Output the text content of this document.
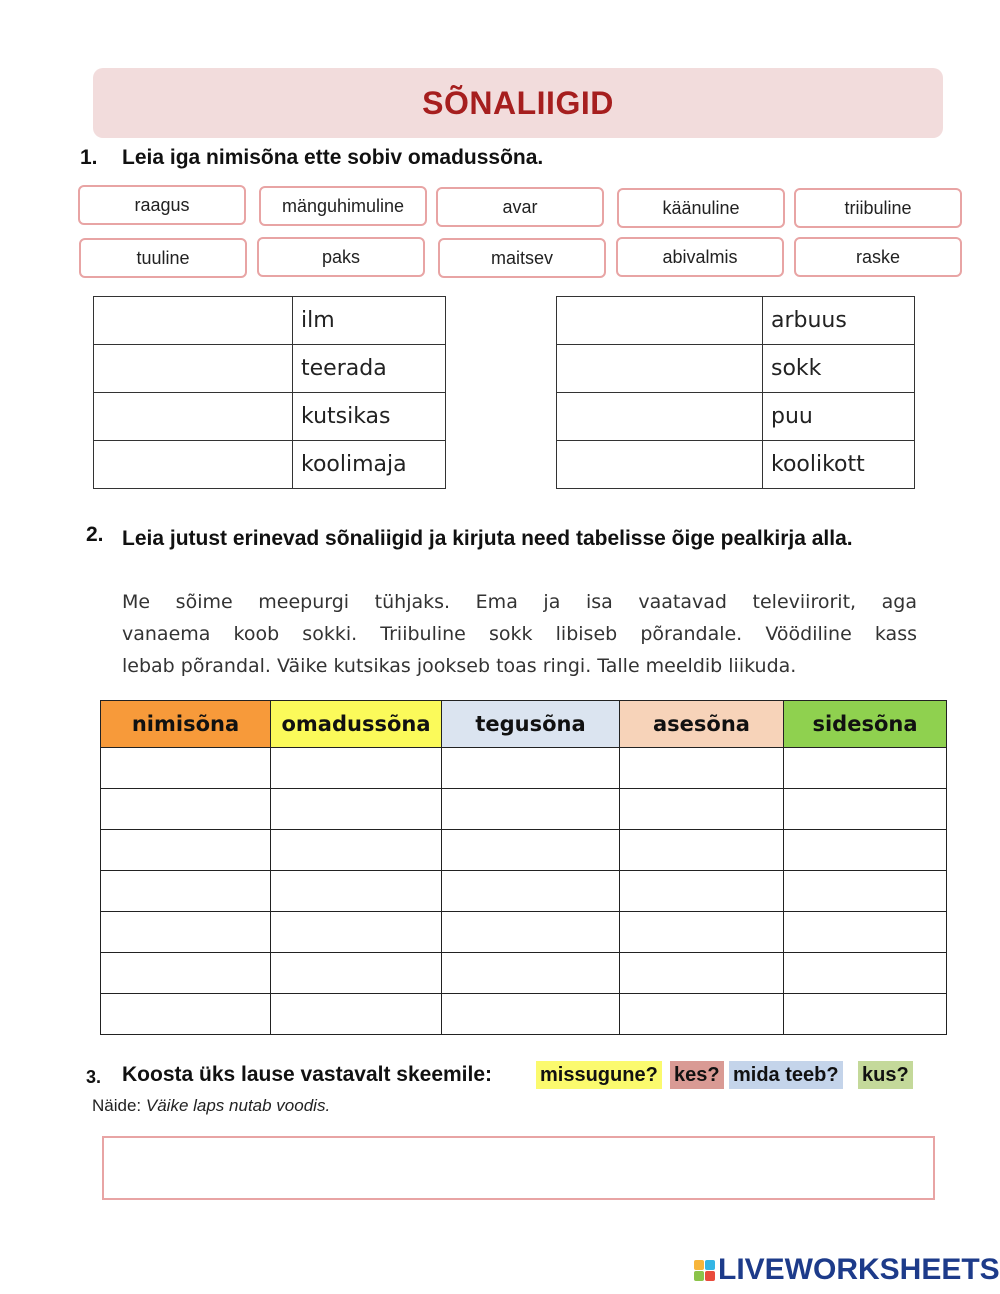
SÕNALIIGID
1. Leia iga nimisõna ette sobiv omadussõna.
raagus	mänguhimuline	avar	käänuline	triibuline
tuuline	paks	maitsev	abivalmis	raske
	ilm

	teerada

	kutsikas

	koolimaja
	arbuus

	sokk

	puu

	koolikott
2. Leia jutust erinevad sõnaliigid ja kirjuta need tabelisse õige pealkirja alla.
Me sõime meepurgi tühjaks. Ema ja isa vaatavad televiirorit, aga
vanaema koob sokki. Triibuline sokk libiseb põrandale. Vöödiline kass
lebab põrandal. Väike kutsikas jookseb toas ringi. Talle meeldib liikuda.
nimisõna	omadussõna	tegusõna	asesõna	sidesõna

3. Koosta üks lause vastavalt skeemile: missugune? kes? mida teeb? kus?
Näide: Väike laps nutab voodis.
LIVEWORKSHEETS
